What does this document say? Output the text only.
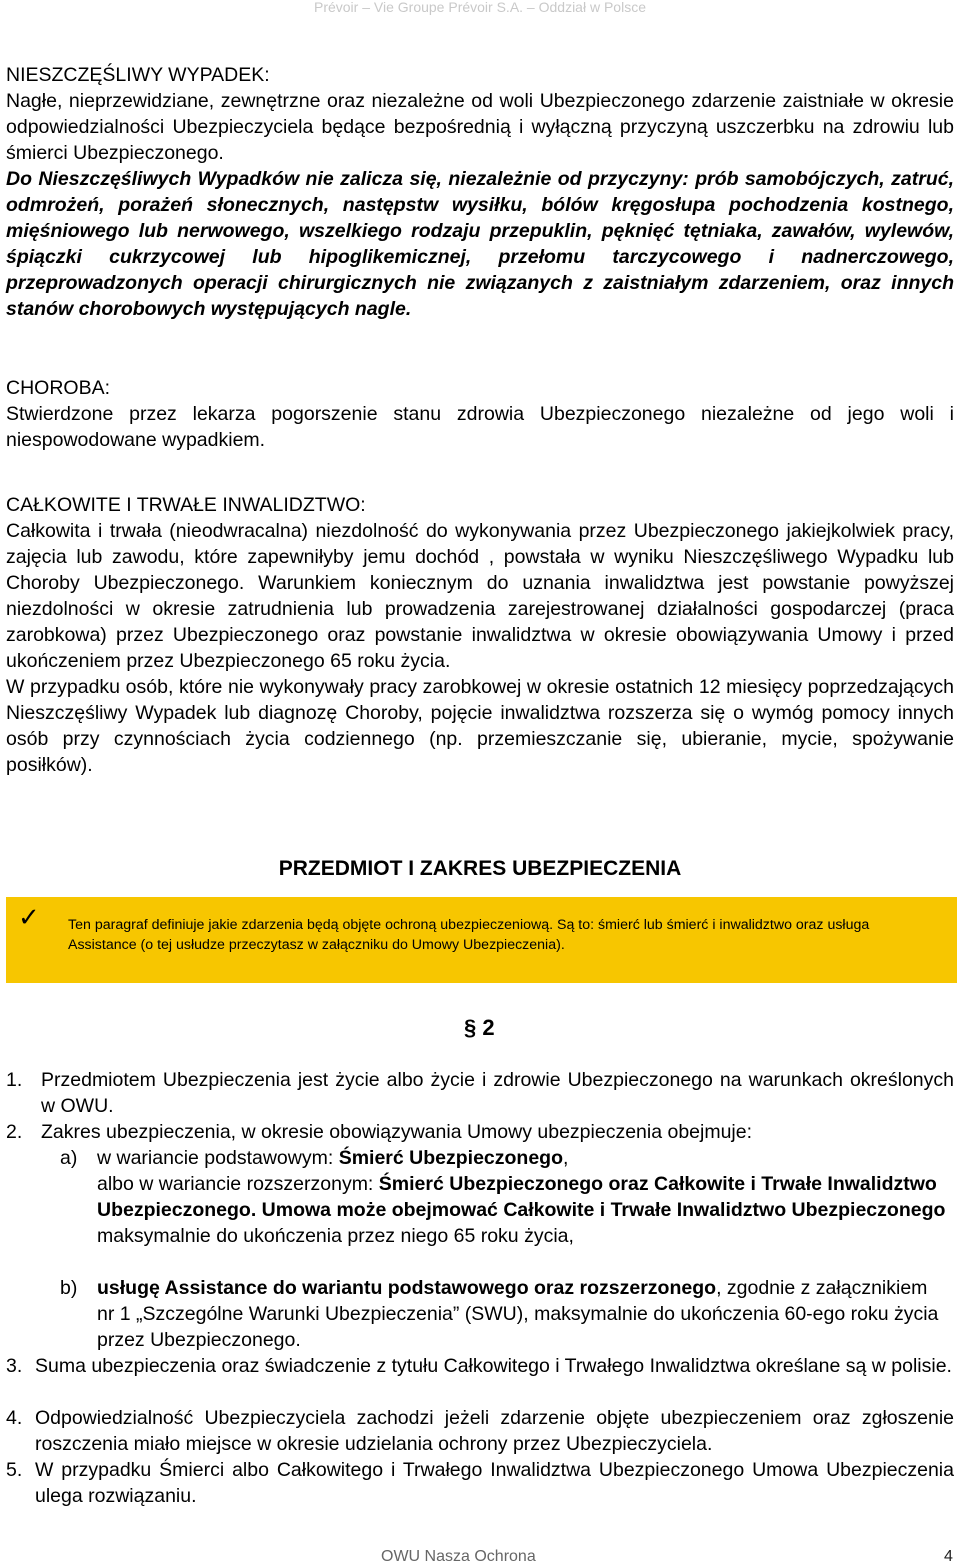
Prévoir – Vie Groupe Prévoir S.A. – Oddział w Polsce
NIESZCZĘŚLIWY WYPADEK:
Nagłe, nieprzewidziane, zewnętrzne oraz niezależne od woli Ubezpieczonego zdarzenie zaistniałe w okresie odpowiedzialności Ubezpieczyciela będące bezpośrednią i wyłączną przyczyną uszczerbku na zdrowiu lub śmierci Ubezpieczonego.
Do Nieszczęśliwych Wypadków nie zalicza się, niezależnie od przyczyny: prób samobójczych, zatruć, odmrożeń, porażeń słonecznych, następstw wysiłku, bólów kręgosłupa pochodzenia kostnego, mięśniowego lub nerwowego, wszelkiego rodzaju przepuklin, pęknięć tętniaka, zawałów, wylewów, śpiączki cukrzycowej lub hipoglikemicznej, przełomu tarczycowego i nadnerczowego, przeprowadzonych operacji chirurgicznych nie związanych z zaistniałym zdarzeniem, oraz innych stanów chorobowych występujących nagle.
CHOROBA:
Stwierdzone przez lekarza pogorszenie stanu zdrowia Ubezpieczonego niezależne od jego woli i niespowodowane wypadkiem.
CAŁKOWITE I TRWAŁE INWALIDZTWO:
Całkowita i trwała (nieodwracalna) niezdolność do wykonywania przez Ubezpieczonego jakiejkolwiek pracy, zajęcia lub zawodu, które zapewniłyby jemu dochód , powstała w wyniku Nieszczęśliwego Wypadku lub Choroby Ubezpieczonego. Warunkiem koniecznym do uznania inwalidztwa jest powstanie powyższej niezdolności w okresie zatrudnienia lub prowadzenia zarejestrowanej działalności gospodarczej (praca zarobkowa) przez Ubezpieczonego oraz powstanie inwalidztwa w okresie obowiązywania Umowy i przed ukończeniem przez Ubezpieczonego 65 roku życia.
W przypadku osób, które nie wykonywały pracy zarobkowej w okresie ostatnich 12 miesięcy poprzedzających Nieszczęśliwy Wypadek lub diagnozę Choroby, pojęcie inwalidztwa rozszerza się o wymóg pomocy innych osób przy czynnościach życia codziennego (np. przemieszczanie się, ubieranie, mycie, spożywanie posiłków).
PRZEDMIOT I ZAKRES UBEZPIECZENIA
✓ Ten paragraf definiuje jakie zdarzenia będą objęte ochroną ubezpieczeniową. Są to: śmierć lub śmierć i inwalidztwo oraz usługa Assistance (o tej usłudze przeczytasz w załączniku do Umowy Ubezpieczenia).
§ 2
1. Przedmiotem Ubezpieczenia jest życie albo życie i zdrowie Ubezpieczonego na warunkach określonych w OWU.
2. Zakres ubezpieczenia, w okresie obowiązywania Umowy ubezpieczenia obejmuje:
a) w wariancie podstawowym: Śmierć Ubezpieczonego,
albo w wariancie rozszerzonym: Śmierć Ubezpieczonego oraz Całkowite i Trwałe Inwalidztwo Ubezpieczonego. Umowa może obejmować Całkowite i Trwałe Inwalidztwo Ubezpieczonego maksymalnie do ukończenia przez niego 65 roku życia,
b) usługę Assistance do wariantu podstawowego oraz rozszerzonego, zgodnie z załącznikiem nr 1 „Szczególne Warunki Ubezpieczenia” (SWU), maksymalnie do ukończenia 60-ego roku życia przez Ubezpieczonego.
3. Suma ubezpieczenia oraz świadczenie z tytułu Całkowitego i Trwałego Inwalidztwa określane są w polisie.
4. Odpowiedzialność Ubezpieczyciela zachodzi jeżeli zdarzenie objęte ubezpieczeniem oraz zgłoszenie roszczenia miało miejsce w okresie udzielania ochrony przez Ubezpieczyciela.
5. W przypadku Śmierci albo Całkowitego i Trwałego Inwalidztwa Ubezpieczonego Umowa Ubezpieczenia ulega rozwiązaniu.
OWU Nasza Ochrona	4
